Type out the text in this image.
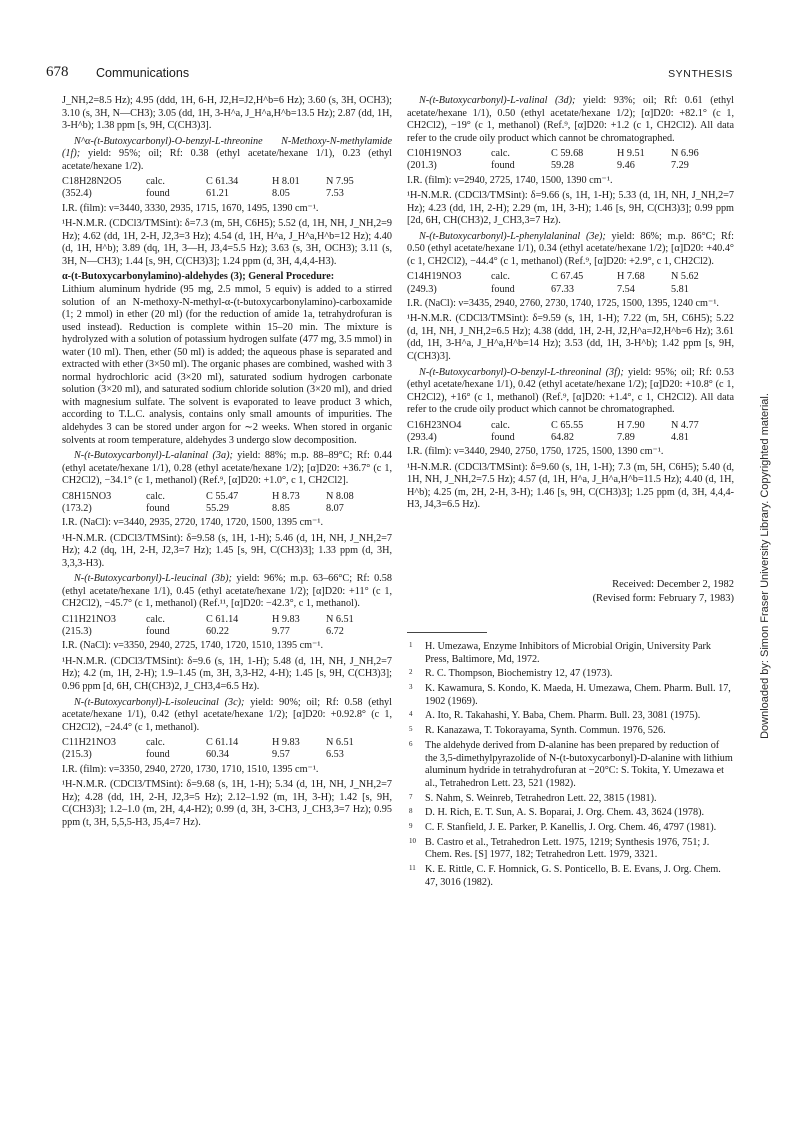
678 Communications	SYNTHESIS
Downloaded by: Simon Fraser University Library. Copyrighted material.

J_NH,2=8.5 Hz); 4.95 (ddd, 1H, 6-H, J2,H=J2,H^b=6 Hz); 3.60 (s, 3H, OCH3); 3.10 (s, 3H, N—CH3); 3.05 (dd, 1H, 3-H^a, J_H^a,H^b=13.5 Hz); 2.87 (dd, 1H, 3-H^b); 1.38 ppm [s, 9H, C(CH3)3].

N^α-(t-Butoxycarbonyl)-O-benzyl-L-threonine N-Methoxy-N-methylamide (1f); yield: 95%; oil; Rf: 0.38 (ethyl acetate/hexane 1/1), 0.23 (ethyl acetate/hexane 1/2).

C18H28N2O5	calc.	C 61.34	H 8.01	N 7.95
(352.4)	found	61.21	8.05	7.53

I.R. (film): ν=3440, 3330, 2935, 1715, 1670, 1495, 1390 cm⁻¹.

¹H-N.M.R. (CDCl3/TMSint): δ=7.3 (m, 5H, C6H5); 5.52 (d, 1H, NH, J_NH,2=9 Hz); 4.62 (dd, 1H, 2-H, J2,3=3 Hz); 4.54 (d, 1H, H^a, J_H^a,H^b=12 Hz); 4.40 (d, 1H, H^b); 3.89 (dq, 1H, 3—H, J3,4=5.5 Hz); 3.63 (s, 3H, OCH3); 3.11 (s, 3H, N—CH3); 1.44 [s, 9H, C(CH3)3]; 1.24 ppm (d, 3H, 4,4,4-H3).

α-(t-Butoxycarbonylamino)-aldehydes (3); General Procedure:

Lithium aluminum hydride (95 mg, 2.5 mmol, 5 equiv) is added to a stirred solution of an N-methoxy-N-methyl-α-(t-butoxycarbonylamino)-carboxamide (1; 2 mmol) in ether (20 ml) (for the reduction of amide 1a, tetrahydrofuran is used instead). Reduction is complete within 15–20 min. The mixture is hydrolyzed with a solution of potassium hydrogen sulfate (477 mg, 3.5 mmol) in water (10 ml). Then, ether (50 ml) is added; the aqueous phase is separated and extracted with ether (3×50 ml). The organic phases are combined, washed with 3 normal hydrochloric acid (3×20 ml), saturated sodium hydrogen carbonate solution (3×20 ml), and saturated sodium chloride solution (3×20 ml), and dried with magnesium sulfate. The solvent is evaporated to leave product 3 which, according to T.L.C. analysis, contains only small amounts of impurities. The aldehydes 3 can be stored under argon for ∼2 weeks. When stored in organic solvents at room temperature, aldehydes 3 undergo slow decomposition.

N-(t-Butoxycarbonyl)-L-alaninal (3a); yield: 88%; m.p. 88–89°C; Rf: 0.44 (ethyl acetate/hexane 1/1), 0.28 (ethyl acetate/hexane 1/2); [α]D20: +36.7° (c 1, CH2Cl2), −34.1° (c 1, methanol) (Ref.⁹, [α]D20: +1.0°, c 1, CH2Cl2].

C8H15NO3	calc.	C 55.47	H 8.73	N 8.08
(173.2)	found	55.29	8.85	8.07

I.R. (NaCl): ν=3440, 2935, 2720, 1740, 1720, 1500, 1395 cm⁻¹.

¹H-N.M.R. (CDCl3/TMSint): δ=9.58 (s, 1H, 1-H); 5.46 (d, 1H, NH, J_NH,2=7 Hz); 4.2 (dq, 1H, 2-H, J2,3=7 Hz); 1.45 [s, 9H, C(CH3)3]; 1.33 ppm (d, 3H, 3,3,3-H3).

N-(t-Butoxycarbonyl)-L-leucinal (3b); yield: 96%; m.p. 63–66°C; Rf: 0.58 (ethyl acetate/hexane 1/1), 0.45 (ethyl acetate/hexane 1/2); [α]D20: +11° (c 1, CH2Cl2), −45.7° (c 1, methanol) (Ref.¹¹, [α]D20: −42.3°, c 1, methanol).

C11H21NO3	calc.	C 61.14	H 9.83	N 6.51
(215.3)	found	60.22	9.77	6.72

I.R. (NaCl): ν=3350, 2940, 2725, 1740, 1720, 1510, 1395 cm⁻¹.

¹H-N.M.R. (CDCl3/TMSint): δ=9.6 (s, 1H, 1-H); 5.48 (d, 1H, NH, J_NH,2=7 Hz); 4.2 (m, 1H, 2-H); 1.9–1.45 (m, 3H, 3,3-H2, 4-H); 1.45 [s, 9H, C(CH3)3]; 0.96 ppm [d, 6H, CH(CH3)2, J_CH3,4=6.5 Hz).

N-(t-Butoxycarbonyl)-L-isoleucinal (3c); yield: 90%; oil; Rf: 0.58 (ethyl acetate/hexane 1/1), 0.42 (ethyl acetate/hexane 1/2); [α]D20: +0.92.8° (c 1, CH2Cl2), −24.4° (c 1, methanol).

C11H21NO3	calc.	C 61.14	H 9.83	N 6.51
(215.3)	found	60.34	9.57	6.53

I.R. (film): ν=3350, 2940, 2720, 1730, 1710, 1510, 1395 cm⁻¹.

¹H-N.M.R. (CDCl3/TMSint): δ=9.68 (s, 1H, 1-H); 5.34 (d, 1H, NH, J_NH,2=7 Hz); 4.28 (dd, 1H, 2-H, J2,3=5 Hz); 2.12–1.92 (m, 1H, 3-H); 1.42 [s, 9H, C(CH3)3]; 1.2–1.0 (m, 2H, 4,4-H2); 0.99 (d, 3H, 3-CH3, J_CH3,3=7 Hz); 0.95 ppm (t, 3H, 5,5,5-H3, J5,4=7 Hz).

N-(t-Butoxycarbonyl)-L-valinal (3d); yield: 93%; oil; Rf: 0.61 (ethyl acetate/hexane 1/1), 0.50 (ethyl acetate/hexane 1/2); [α]D20: +82.1° (c 1, CH2Cl2), −19° (c 1, methanol) (Ref.⁹, [α]D20: +1.2 (c 1, CH2Cl2). All data refer to the crude oily product which cannot be chromatographed.

C10H19NO3	calc.	C 59.68	H 9.51	N 6.96
(201.3)	found	59.28	9.46	7.29

I.R. (film): ν=2940, 2725, 1740, 1500, 1390 cm⁻¹.

¹H-N.M.R. (CDCl3/TMSint): δ=9.66 (s, 1H, 1-H); 5.33 (d, 1H, NH, J_NH,2=7 Hz); 4.23 (dd, 1H, 2-H); 2.29 (m, 1H, 3-H); 1.46 [s, 9H, C(CH3)3]; 0.99 ppm [2d, 6H, CH(CH3)2, J_CH3,3=7 Hz).

N-(t-Butoxycarbonyl)-L-phenylalaninal (3e); yield: 86%; m.p. 86°C; Rf: 0.50 (ethyl acetate/hexane 1/1), 0.34 (ethyl acetate/hexane 1/2); [α]D20: +40.4° (c 1, CH2Cl2), −44.4° (c 1, methanol) (Ref.⁹, [α]D20: +2.9°, c 1, CH2Cl2).

C14H19NO3	calc.	C 67.45	H 7.68	N 5.62
(249.3)	found	67.33	7.54	5.81

I.R. (NaCl): ν=3435, 2940, 2760, 2730, 1740, 1725, 1500, 1395, 1240 cm⁻¹.

¹H-N.M.R. (CDCl3/TMSint): δ=9.59 (s, 1H, 1-H); 7.22 (m, 5H, C6H5); 5.22 (d, 1H, NH, J_NH,2=6.5 Hz); 4.38 (ddd, 1H, 2-H, J2,H^a=J2,H^b=6 Hz); 3.61 (dd, 1H, 3-H^a, J_H^a,H^b=14 Hz); 3.53 (dd, 1H, 3-H^b); 1.42 ppm [s, 9H, C(CH3)3].

N-(t-Butoxycarbonyl)-O-benzyl-L-threoninal (3f); yield: 95%; oil; Rf: 0.53 (ethyl acetate/hexane 1/1), 0.42 (ethyl acetate/hexane 1/2); [α]D20: +10.8° (c 1, CH2Cl2), +16° (c 1, methanol) (Ref.⁹, [α]D20: +1.4°, c 1, CH2Cl2). All data refer to the crude oily product which cannot be chromatographed.

C16H23NO4	calc.	C 65.55	H 7.90	N 4.77
(293.4)	found	64.82	7.89	4.81

I.R. (film): ν=3440, 2940, 2750, 1750, 1725, 1500, 1390 cm⁻¹.

¹H-N.M.R. (CDCl3/TMSint): δ=9.60 (s, 1H, 1-H); 7.3 (m, 5H, C6H5); 5.40 (d, 1H, NH, J_NH,2=7.5 Hz); 4.57 (d, 1H, H^a, J_H^a,H^b=11.5 Hz); 4.40 (d, 1H, H^b); 4.25 (m, 2H, 2-H, 3-H); 1.46 [s, 9H, C(CH3)3]; 1.25 ppm (d, 3H, 4,4,4-H3, J4,3=6.5 Hz).

Received: December 2, 1982
(Revised form: February 7, 1983)
1 H. Umezawa, Enzyme Inhibitors of Microbial Origin, University Park Press, Baltimore, Md, 1972.
2 R. C. Thompson, Biochemistry 12, 47 (1973).
3 K. Kawamura, S. Kondo, K. Maeda, H. Umezawa, Chem. Pharm. Bull. 17, 1902 (1969).
4 A. Ito, R. Takahashi, Y. Baba, Chem. Pharm. Bull. 23, 3081 (1975).
5 R. Kanazawa, T. Tokorayama, Synth. Commun. 1976, 526.
6 The aldehyde derived from D-alanine has been prepared by reduction of the 3,5-dimethylpyrazolide of N-(t-butoxycarbonyl)-D-alanine with lithium aluminum hydride in tetrahydrofuran at −20°C: S. Tokita, Y. Umezawa et al., Tetrahedron Lett. 23, 521 (1982).
7 S. Nahm, S. Weinreb, Tetrahedron Lett. 22, 3815 (1981).
8 D. H. Rich, E. T. Sun, A. S. Boparai, J. Org. Chem. 43, 3624 (1978).
9 C. F. Stanfield, J. E. Parker, P. Kanellis, J. Org. Chem. 46, 4797 (1981).
10 B. Castro et al., Tetrahedron Lett. 1975, 1219; Synthesis 1976, 751; J. Chem. Res. [S] 1977, 182; Tetrahedron Lett. 1979, 3321.
11 K. E. Rittle, C. F. Homnick, G. S. Ponticello, B. E. Evans, J. Org. Chem. 47, 3016 (1982).
